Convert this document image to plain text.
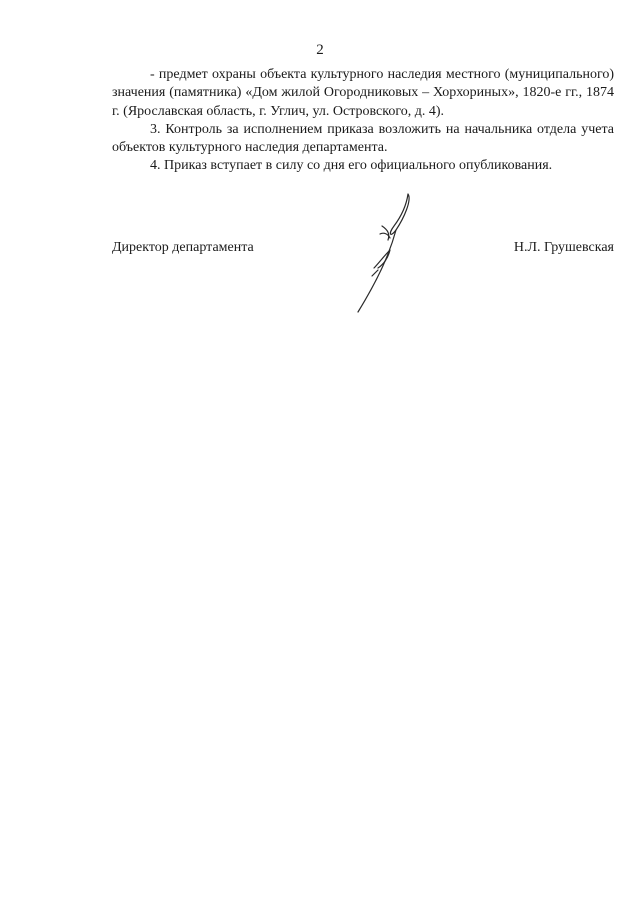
2

- предмет охраны объекта культурного наследия местного (муниципального) значения (памятника) «Дом жилой Огородниковых – Хорхориных», 1820-е гг., 1874 г. (Ярославская область, г. Углич, ул. Островского, д. 4).

3. Контроль за исполнением приказа возложить на начальника отдела учета объектов культурного наследия департамента.

4. Приказ вступает в силу со дня его официального опубликования.

Директор департамента	Н.Л. Грушевская
